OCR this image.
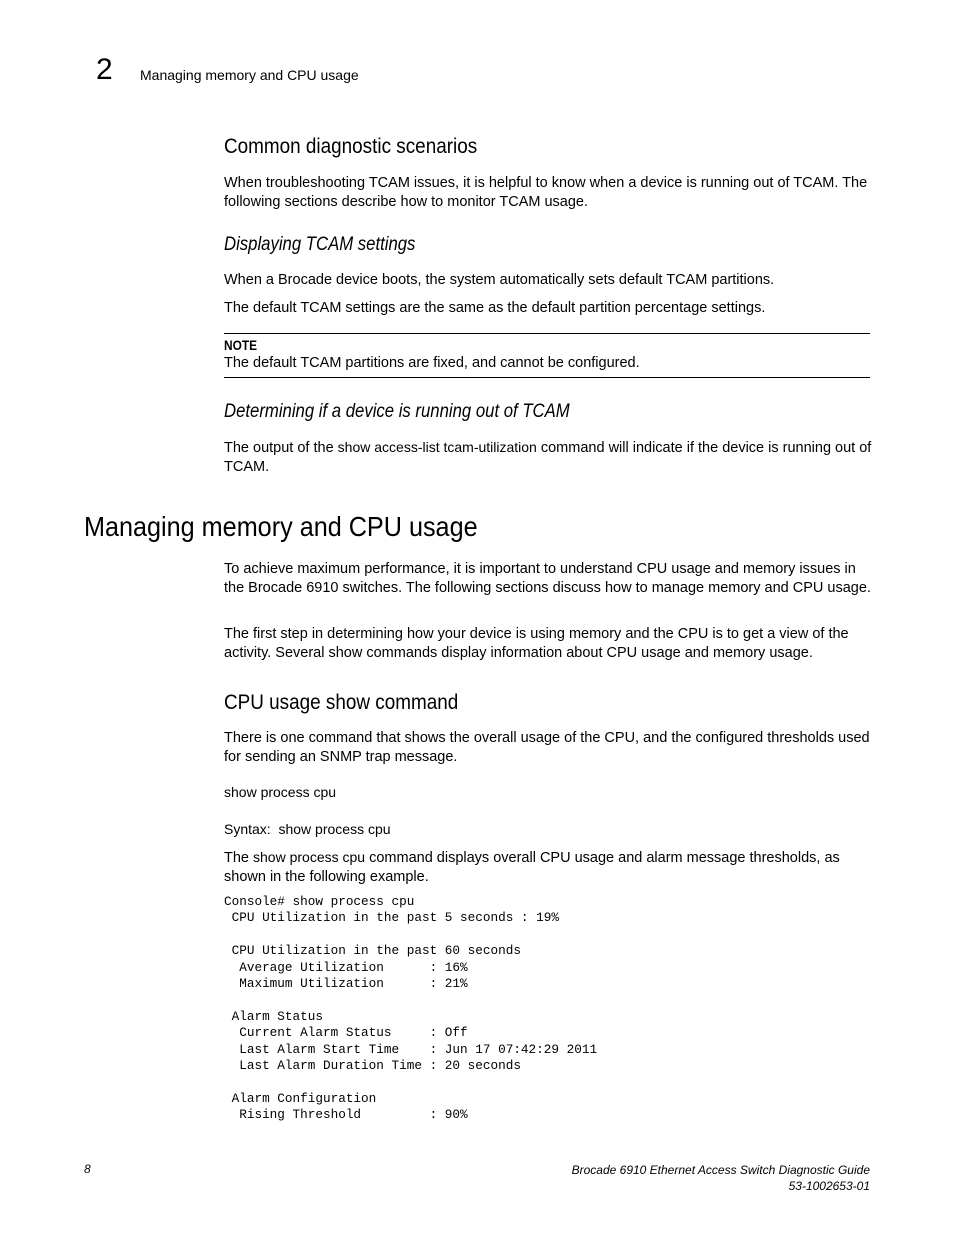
2 Managing memory and CPU usage
Common diagnostic scenarios

When troubleshooting TCAM issues, it is helpful to know when a device is running out of TCAM. The following sections describe how to monitor TCAM usage.

Displaying TCAM settings

When a Brocade device boots, the system automatically sets default TCAM partitions.

The default TCAM settings are the same as the default partition percentage settings.

NOTE

The default TCAM partitions are fixed, and cannot be configured.

Determining if a device is running out of TCAM

The output of the show access-list tcam-utilization command will indicate if the device is running out of TCAM.

Managing memory and CPU usage

To achieve maximum performance, it is important to understand CPU usage and memory issues in the Brocade 6910 switches. The following sections discuss how to manage memory and CPU usage.

The first step in determining how your device is using memory and the CPU is to get a view of the activity. Several show commands display information about CPU usage and memory usage.

CPU usage show command

There is one command that shows the overall usage of the CPU, and the configured thresholds used for sending an SNMP trap message.

show process cpu

Syntax: show process cpu

The show process cpu command displays overall CPU usage and alarm message thresholds, as shown in the following example.

Console# show process cpu
CPU Utilization in the past 5 seconds : 19%

CPU Utilization in the past 60 seconds
Average Utilization      : 16%
Maximum Utilization      : 21%

Alarm Status
Current Alarm Status     : Off
Last Alarm Start Time    : Jun 17 07:42:29 2011
Last Alarm Duration Time : 20 seconds

Alarm Configuration
Rising Threshold         : 90%
8	Brocade 6910 Ethernet Access Switch Diagnostic Guide
53-1002653-01
